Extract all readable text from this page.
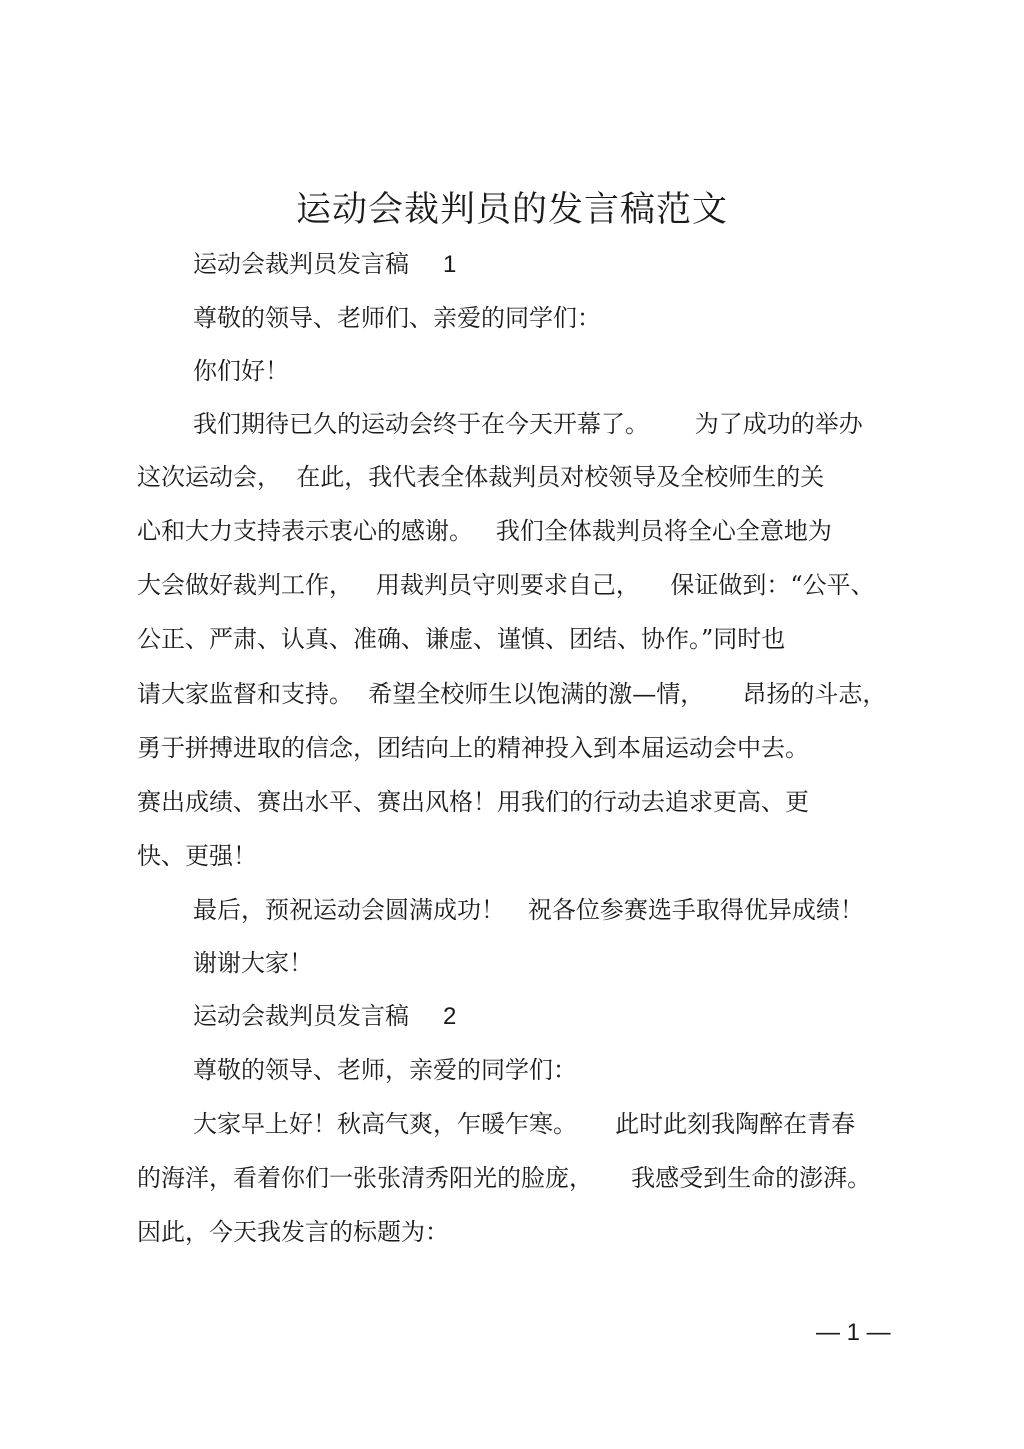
运动会裁判员的发言稿范文
运动会裁判员发言稿 1
尊敬的领导、老师们、亲爱的同学们：
你们好！
我们期待已久的运动会终于在今天开幕了。      为了成功的举办
这次运动会，  在此，我代表全体裁判员对校领导及全校师生的关
心和大力支持表示衷心的感谢。   我们全体裁判员将全心全意地为
大会做好裁判工作，   用裁判员守则要求自己，    保证做到：“公平、
公正、严肃、认真、准确、谦虚、谨慎、团结、协作。”同时也
请大家监督和支持。  希望全校师生以饱满的激—情，     昂扬的斗志，
勇于拼搏进取的信念，团结向上的精神投入到本届运动会中去。
赛出成绩、赛出水平、赛出风格！用我们的行动去追求更高、更
快、更强！
最后，预祝运动会圆满成功！   祝各位参赛选手取得优异成绩！
谢谢大家！
运动会裁判员发言稿 2
尊敬的领导、老师，亲爱的同学们：
大家早上好！秋高气爽，乍暖乍寒。     此时此刻我陶醉在青春
的海洋，看着你们一张张清秀阳光的脸庞，     我感受到生命的澎湃。
因此，今天我发言的标题为：
— 1 —
